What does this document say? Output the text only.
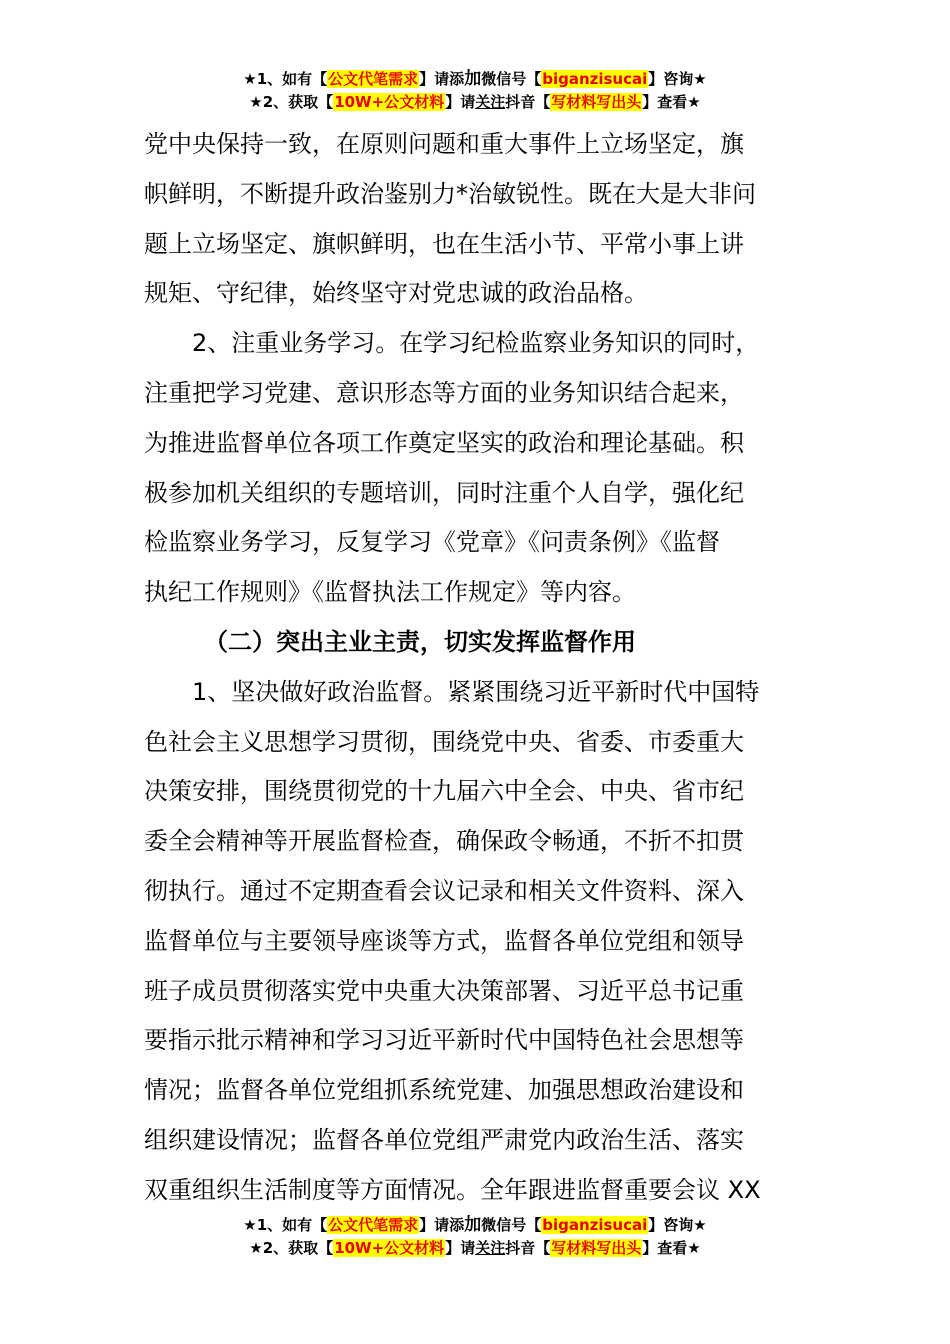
★1、如有【公文代笔需求】请添加微信号【biganzisucai】咨询★
★2、获取【10W+公文材料】请关注抖音【写材料写出头】查看★
党中央保持一致，在原则问题和重大事件上立场坚定，旗
帜鲜明，不断提升政治鉴别力*治敏锐性。既在大是大非问
题上立场坚定、旗帜鲜明，也在生活小节、平常小事上讲
规矩、守纪律，始终坚守对党忠诚的政治品格。
2、注重业务学习。在学习纪检监察业务知识的同时，
注重把学习党建、意识形态等方面的业务知识结合起来，
为推进监督单位各项工作奠定坚实的政治和理论基础。积
极参加机关组织的专题培训，同时注重个人自学，强化纪
检监察业务学习，反复学习《党章》《问责条例》《监督
执纪工作规则》《监督执法工作规定》等内容。
（二）突出主业主责，切实发挥监督作用
1、坚决做好政治监督。紧紧围绕习近平新时代中国特
色社会主义思想学习贯彻，围绕党中央、省委、市委重大
决策安排，围绕贯彻党的十九届六中全会、中央、省市纪
委全会精神等开展监督检查，确保政令畅通，不折不扣贯
彻执行。通过不定期查看会议记录和相关文件资料、深入
监督单位与主要领导座谈等方式，监督各单位党组和领导
班子成员贯彻落实党中央重大决策部署、习近平总书记重
要指示批示精神和学习习近平新时代中国特色社会思想等
情况；监督各单位党组抓系统党建、加强思想政治建设和
组织建设情况；监督各单位党组严肃党内政治生活、落实
双重组织生活制度等方面情况。全年跟进监督重要会议 XX
★1、如有【公文代笔需求】请添加微信号【biganzisucai】咨询★
★2、获取【10W+公文材料】请关注抖音【写材料写出头】查看★
